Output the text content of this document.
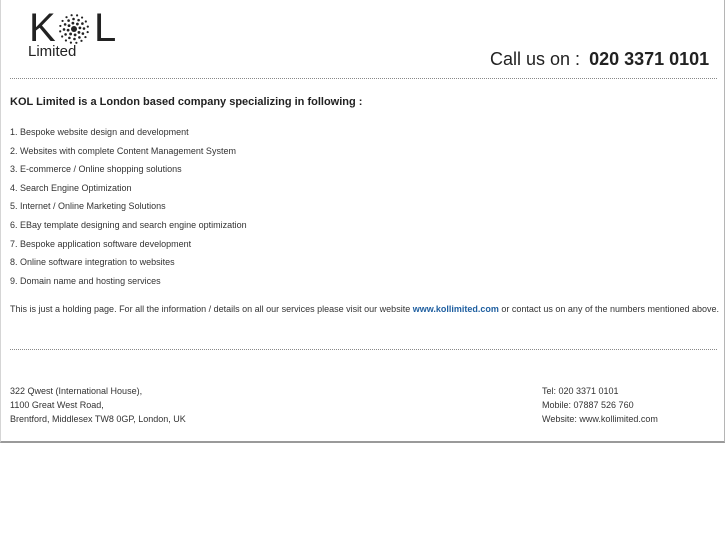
K L
Limited	Call us on : 020 3371 0101
KOL Limited is a London based company specializing in following :
1. Bespoke website design and development
2. Websites with complete Content Management System
3. E-commerce / Online shopping solutions
4. Search Engine Optimization
5. Internet / Online Marketing Solutions
6. EBay template designing and search engine optimization
7. Bespoke application software development
8. Online software integration to websites
9. Domain name and hosting services
This is just a holding page. For all the information / details on all our services please visit our website www.kollimited.com or contact us on any of the numbers mentioned above.
322 Qwest (International House),
1100 Great West Road,
Brentford, Middlesex TW8 0GP, London, UK
Tel: 020 3371 0101
Mobile: 07887 526 760
Website: www.kollimited.com
